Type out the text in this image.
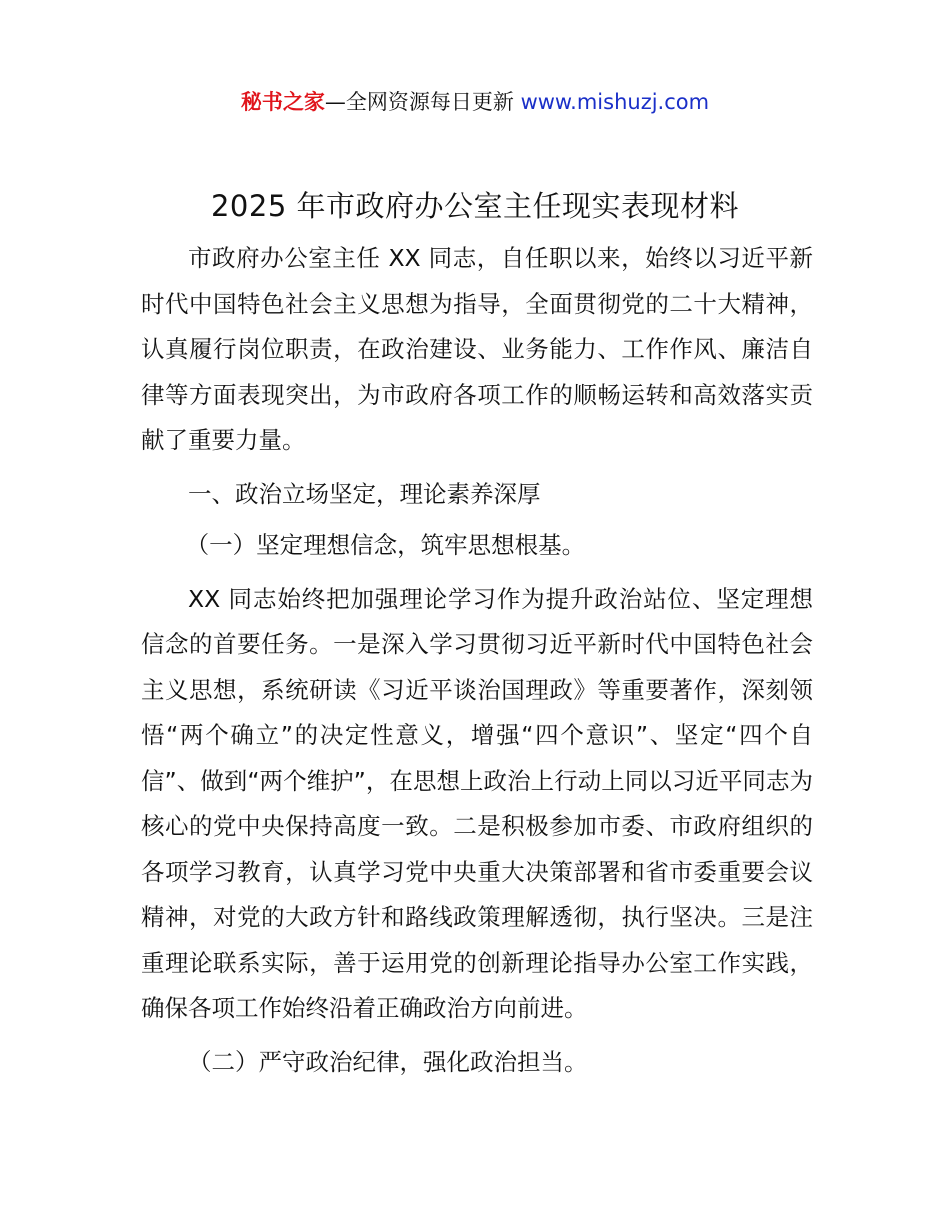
秘书之家—全网资源每日更新 www.mishuzj.com
2025 年市政府办公室主任现实表现材料

市政府办公室主任 XX 同志，自任职以来，始终以习近平新时代中国特色社会主义思想为指导，全面贯彻党的二十大精神，认真履行岗位职责，在政治建设、业务能力、工作作风、廉洁自律等方面表现突出，为市政府各项工作的顺畅运转和高效落实贡献了重要力量。

一、政治立场坚定，理论素养深厚

（一）坚定理想信念，筑牢思想根基。

XX 同志始终把加强理论学习作为提升政治站位、坚定理想信念的首要任务。一是深入学习贯彻习近平新时代中国特色社会主义思想，系统研读《习近平谈治国理政》等重要著作，深刻领悟“两个确立”的决定性意义，增强“四个意识”、坚定“四个自信”、做到“两个维护”，在思想上政治上行动上同以习近平同志为核心的党中央保持高度一致。二是积极参加市委、市政府组织的各项学习教育，认真学习党中央重大决策部署和省市委重要会议精神，对党的大政方针和路线政策理解透彻，执行坚决。三是注重理论联系实际，善于运用党的创新理论指导办公室工作实践，确保各项工作始终沿着正确政治方向前进。

（二）严守政治纪律，强化政治担当。
